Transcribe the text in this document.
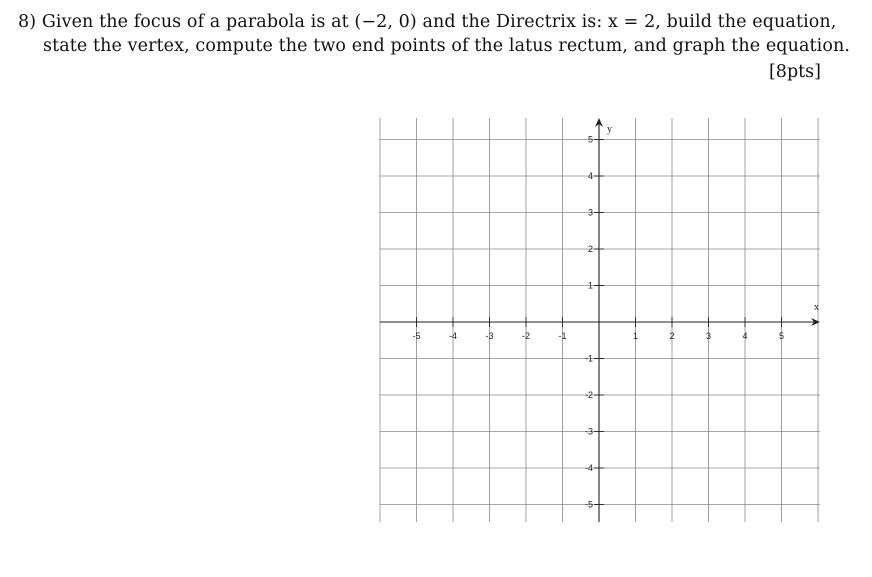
8) Given the focus of a parabola is at (−2, 0) and the Directrix is: x = 2, build the equation,
state the vertex, compute the two end points of the latus rectum, and graph the equation.
[8pts]
x
y
-5	-4	-3	-2	-1	1	2	3	4	5
5
4
3
2
1
-1
-2
-3
-4
-5
